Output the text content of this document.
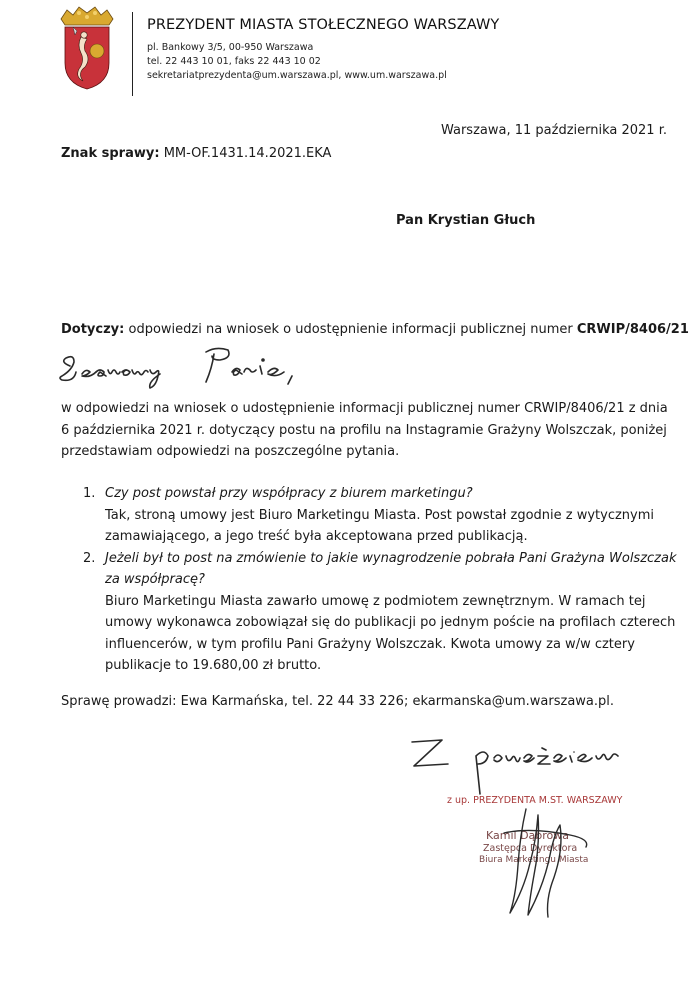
PREZYDENT MIASTA STOŁECZNEGO WARSZAWY
pl. Bankowy 3/5, 00-950 Warszawa
tel. 22 443 10 01, faks 22 443 10 02
sekretariatprezydenta@um.warszawa.pl, www.um.warszawa.pl
Warszawa, 11 października 2021 r.
Znak sprawy: MM-OF.1431.14.2021.EKA
Pan Krystian Głuch
Dotyczy: odpowiedzi na wniosek o udostępnienie informacji publicznej numer CRWIP/8406/21
w odpowiedzi na wniosek o udostępnienie informacji publicznej numer CRWIP/8406/21 z dnia 6 października 2021 r. dotyczący postu na profilu na Instagramie Grażyny Wolszczak, poniżej przedstawiam odpowiedzi na poszczególne pytania.
1. Czy post powstał przy współpracy z biurem marketingu?
Tak, stroną umowy jest Biuro Marketingu Miasta. Post powstał zgodnie z wytycznymi zamawiającego, a jego treść była akceptowana przed publikacją.
2. Jeżeli był to post na zmówienie to jakie wynagrodzenie pobrała Pani Grażyna Wolszczak za współpracę?
Biuro Marketingu Miasta zawarło umowę z podmiotem zewnętrznym. W ramach tej umowy wykonawca zobowiązał się do publikacji po jednym poście na profilach czterech influencerów, w tym profilu Pani Grażyny Wolszczak. Kwota umowy za w/w cztery publikacje to 19.680,00 zł brutto.
Sprawę prowadzi: Ewa Karmańska, tel. 22 44 33 226; ekarmanska@um.warszawa.pl.
z up. PREZYDENTA M.ST. WARSZAWY
Kamil Dąbrowa
Zastępca Dyrektora
Biura Marketingu Miasta
